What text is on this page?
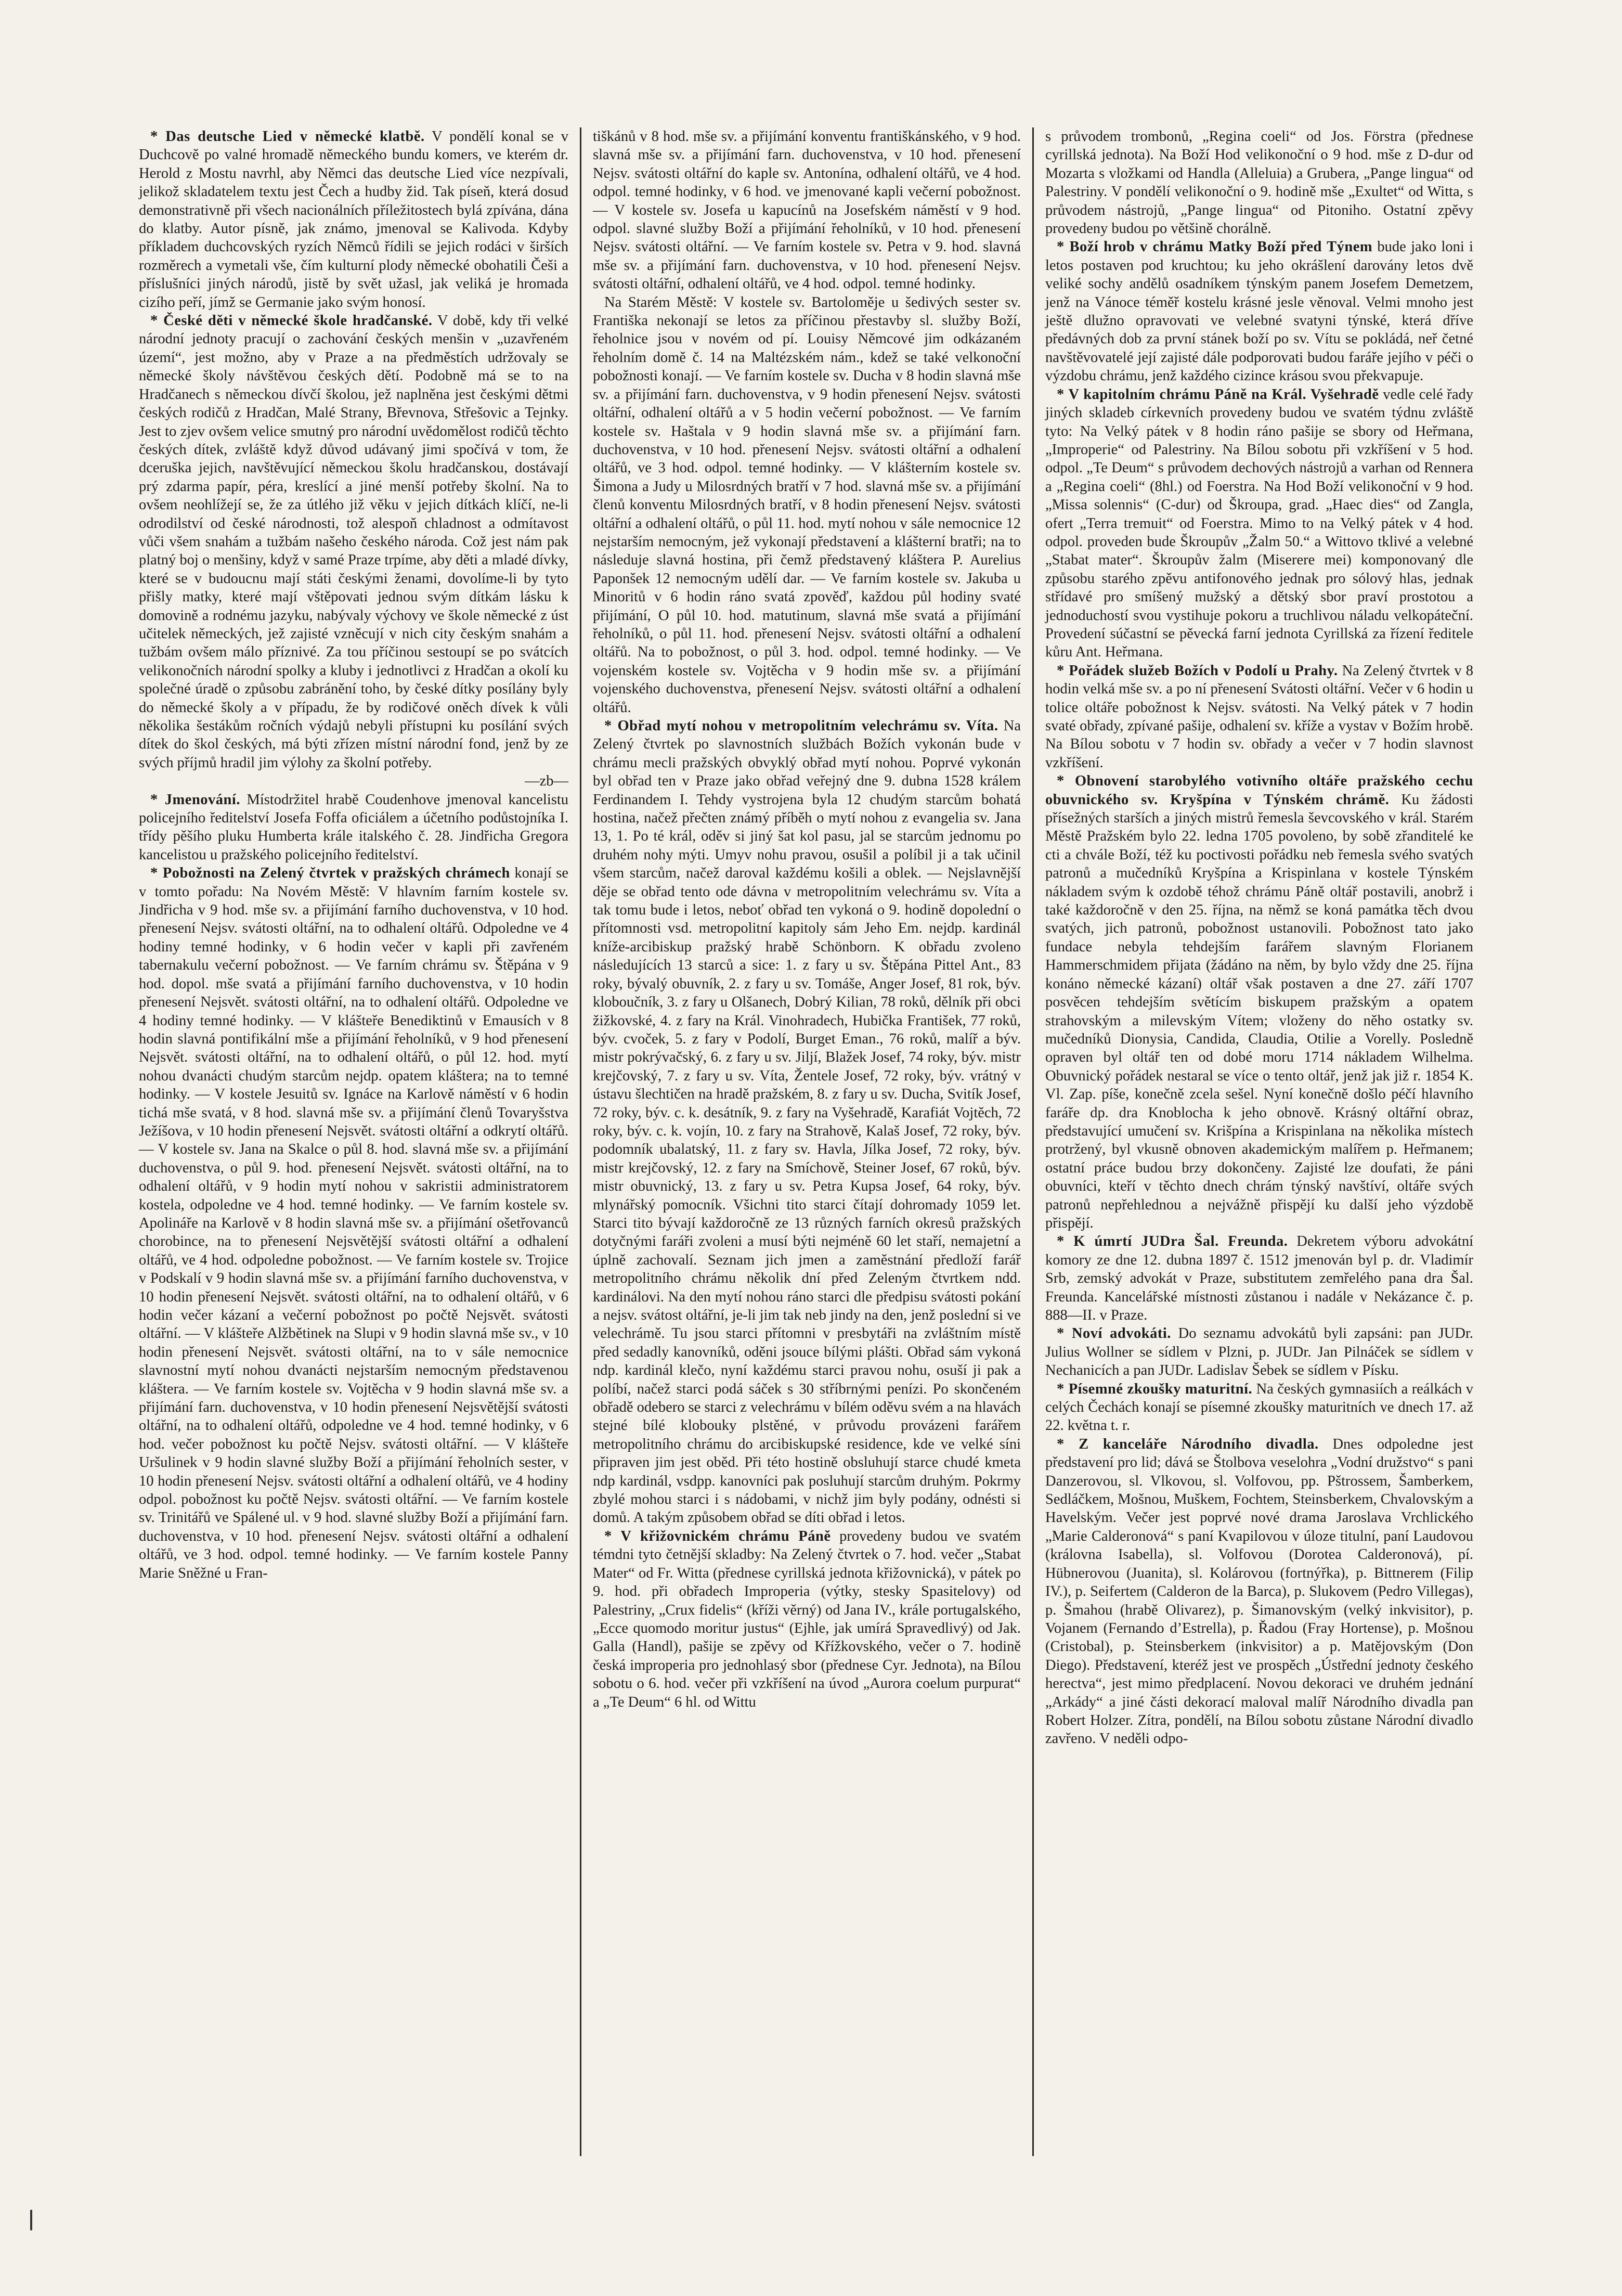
* Das deutsche Lied v německé klatbě. V pondělí konal se v Duchcově po valné hromadě německého bundu komers, ve kterém dr. Herold z Mostu navrhl, aby Němci das deutsche Lied více nezpívali, jelikož skladatelem textu jest Čech a hudby žid. Tak píseň, která dosud demonstrativně při všech nacionálních příležitostech bylá zpívána, dána do klatby. Autor písně, jak známo, jmenoval se Kalivoda. Kdyby příkladem duchcovských ryzích Němců řídili se jejich rodáci v širších rozměrech a vymetali vše, čím kulturní plody německé obohatili Češi a příslušníci jiných národů, jistě by svět užasl, jak veliká je hromada cizího peří, jímž se Germanie jako svým honosí.

* České děti v německé škole hradčanské. V době, kdy tři velké národní jednoty pracují o zachování českých menšin v „uzavřeném území“, jest možno, aby v Praze a na předměstích udržovaly se německé školy návštěvou českých dětí. Podobně má se to na Hradčanech s německou dívčí školou, jež naplněna jest českými dětmi českých rodičů z Hradčan, Malé Strany, Břevnova, Střešovic a Tejnky. Jest to zjev ovšem velice smutný pro národní uvědomělost rodičů těchto českých dítek, zvláště když důvod udávaný jimi spočívá v tom, že dceruška jejich, navštěvující německou školu hradčanskou, dostávají prý zdarma papír, péra, kreslící a jiné menší potřeby školní. Na to ovšem neohlížejí se, že za útlého již věku v jejich dítkách klíčí, ne-li odrodilství od české národnosti, tož alespoň chladnost a odmítavost vůči všem snahám a tužbám našeho českého národa. Což jest nám pak platný boj o menšiny, když v samé Praze trpíme, aby děti a mladé dívky, které se v budoucnu mají státi českými ženami, dovolíme-li by tyto přišly matky, které mají vštěpovati jednou svým dítkám lásku k domovině a rodnému jazyku, nabývaly výchovy ve škole německé z úst učitelek německých, jež zajisté vzněcují v nich city českým snahám a tužbám ovšem málo příznivé. Za tou příčinou sestoupí se po svátcích velikonočních národní spolky a kluby i jednotlivci z Hradčan a okolí ku společné úradě o způsobu zabránění toho, by české dítky posílány byly do německé školy a v případu, že by rodičové oněch dívek k vůli několika šestákům ročních výdajů nebyli přístupni ku posílání svých dítek do škol českých, má býti zřízen místní národní fond, jenž by ze svých příjmů hradil jim výlohy za školní potřeby.

—zb—

* Jmenování. Místodržitel hrabě Coudenhove jmenoval kancelistu policejního ředitelství Josefa Foffa oficiálem a účetního podůstojníka I. třídy pěšího pluku Humberta krále italského č. 28. Jindřicha Gregora kancelistou u pražského policejního ředitelství.

* Pobožnosti na Zelený čtvrtek v pražských chrámech konají se v tomto pořadu: Na Novém Městě: V hlavním farním kostele sv. Jindřicha v 9 hod. mše sv. a přijímání farního duchovenstva, v 10 hod. přenesení Nejsv. svátosti oltářní, na to odhalení oltářů. Odpoledne ve 4 hodiny temné hodinky, v 6 hodin večer v kapli při zavřeném tabernakulu večerní pobožnost. — Ve farním chrámu sv. Štěpána v 9 hod. dopol. mše svatá a přijímání farního duchovenstva, v 10 hodin přenesení Nejsvět. svátosti oltářní, na to odhalení oltářů. Odpoledne ve 4 hodiny temné hodinky. — V klášteře Benediktinů v Emausích v 8 hodin slavná pontifikální mše a přijímání řeholníků, v 9 hod přenesení Nejsvět. svátosti oltářní, na to odhalení oltářů, o půl 12. hod. mytí nohou dvanácti chudým starcům nejdp. opatem kláštera; na to temné hodinky. — V kostele Jesuitů sv. Ignáce na Karlově náměstí v 6 hodin tichá mše svatá, v 8 hod. slavná mše sv. a přijímání členů Tovaryšstva Ježíšova, v 10 hodin přenesení Nejsvět. svátosti oltářní a odkrytí oltářů. — V kostele sv. Jana na Skalce o půl 8. hod. slavná mše sv. a přijímání duchovenstva, o půl 9. hod. přenesení Nejsvět. svátosti oltářní, na to odhalení oltářů, v 9 hodin mytí nohou v sakristii administratorem kostela, odpoledne ve 4 hod. temné hodinky. — Ve farním kostele sv. Apolináře na Karlově v 8 hodin slavná mše sv. a přijímání ošetřovanců chorobince, na to přenesení Nejsvětější svátosti oltářní a odhalení oltářů, ve 4 hod. odpoledne pobožnost. — Ve farním kostele sv. Trojice v Podskalí v 9 hodin slavná mše sv. a přijímání farního duchovenstva, v 10 hodin přenesení Nejsvět. svátosti oltářní, na to odhalení oltářů, v 6 hodin večer kázaní a večerní pobožnost po počtě Nejsvět. svátosti oltářní. — V klášteře Alžbětinek na Slupi v 9 hodin slavná mše sv., v 10 hodin přenesení Nejsvět. svátosti oltářní, na to v sále nemocnice slavnostní mytí nohou dvanácti nejstarším nemocným představenou kláštera. — Ve farním kostele sv. Vojtěcha v 9 hodin slavná mše sv. a přijímání farn. duchovenstva, v 10 hodin přenesení Nejsvětější svátosti oltářní, na to odhalení oltářů, odpoledne ve 4 hod. temné hodinky, v 6 hod. večer pobožnost ku počtě Nejsv. svátosti oltářní. — V klášteře Uršulinek v 9 hodin slavné služby Boží a přijímání řeholních sester, v 10 hodin přenesení Nejsv. svátosti oltářní a odhalení oltářů, ve 4 hodiny odpol. pobožnost ku počtě Nejsv. svátosti oltářní. — Ve farním kostele sv. Trinitářů ve Spálené ul. v 9 hod. slavné služby Boží a přijímání farn. duchovenstva, v 10 hod. přenesení Nejsv. svátosti oltářní a odhalení oltářů, ve 3 hod. odpol. temné hodinky. — Ve farním kostele Panny Marie Sněžné u Fran-

tiškánů v 8 hod. mše sv. a přijímání konventu františkánského, v 9 hod. slavná mše sv. a přijímání farn. duchovenstva, v 10 hod. přenesení Nejsv. svátosti oltářní do kaple sv. Antonína, odhalení oltářů, ve 4 hod. odpol. temné hodinky, v 6 hod. ve jmenované kapli večerní pobožnost. — V kostele sv. Josefa u kapucínů na Josefském náměstí v 9 hod. odpol. slavné služby Boží a přijímání řeholníků, v 10 hod. přenesení Nejsv. svátosti oltářní. — Ve farním kostele sv. Petra v 9. hod. slavná mše sv. a přijímání farn. duchovenstva, v 10 hod. přenesení Nejsv. svátosti oltářní, odhalení oltářů, ve 4 hod. odpol. temné hodinky.

Na Starém Městě: V kostele sv. Bartoloměje u šedivých sester sv. Františka nekonají se letos za příčinou přestavby sl. služby Boží, řeholnice jsou v novém od pí. Louisy Němcové jim odkázaném řeholním domě č. 14 na Maltézském nám., kdež se také velkonoční pobožnosti konají. — Ve farním kostele sv. Ducha v 8 hodin slavná mše sv. a přijímání farn. duchovenstva, v 9 hodin přenesení Nejsv. svátosti oltářní, odhalení oltářů a v 5 hodin večerní pobožnost. — Ve farním kostele sv. Haštala v 9 hodin slavná mše sv. a přijímání farn. duchovenstva, v 10 hod. přenesení Nejsv. svátosti oltářní a odhalení oltářů, ve 3 hod. odpol. temné hodinky. — V klášterním kostele sv. Šimona a Judy u Milosrdných bratří v 7 hod. slavná mše sv. a přijímání členů konventu Milosrdných bratří, v 8 hodin přenesení Nejsv. svátosti oltářní a odhalení oltářů, o půl 11. hod. mytí nohou v sále nemocnice 12 nejstarším nemocným, jež vykonají představení a klášterní bratři; na to následuje slavná hostina, při čemž představený kláštera P. Aurelius Paponšek 12 nemocným udělí dar. — Ve farním kostele sv. Jakuba u Minoritů v 6 hodin ráno svatá zpověď, každou půl hodiny svaté přijímání, O půl 10. hod. matutinum, slavná mše svatá a přijímání řeholníků, o půl 11. hod. přenesení Nejsv. svátosti oltářní a odhalení oltářů. Na to pobožnost, o půl 3. hod. odpol. temné hodinky. — Ve vojenském kostele sv. Vojtěcha v 9 hodin mše sv. a přijímání vojenského duchovenstva, přenesení Nejsv. svátosti oltářní a odhalení oltářů.

* Obřad mytí nohou v metropolitním velechrámu sv. Víta. Na Zelený čtvrtek po slavnostních službách Božích vykonán bude v chrámu mecli pražských obvyklý obřad mytí nohou. Poprvé vykonán byl obřad ten v Praze jako obřad veřejný dne 9. dubna 1528 králem Ferdinandem I. Tehdy vystrojena byla 12 chudým starcům bohatá hostina, načež přečten známý příběh o mytí nohou z evangelia sv. Jana 13, 1. Po té král, oděv si jiný šat kol pasu, jal se starcům jednomu po druhém nohy mýti. Umyv nohu pravou, osušil a políbil ji a tak učinil všem starcům, načež daroval každému košili a oblek. — Nejslavnější děje se obřad tento ode dávna v metropolitním velechrámu sv. Víta a tak tomu bude i letos, neboť obřad ten vykoná o 9. hodině dopolední o přítomnosti vsd. metropolitní kapitoly sám Jeho Em. nejdp. kardinál kníže-arcibiskup pražský hrabě Schönborn. K obřadu zvoleno následujících 13 starců a sice: 1. z fary u sv. Štěpána Pittel Ant., 83 roky, bývalý obuvník, 2. z fary u sv. Tomáše, Anger Josef, 81 rok, býv. kloboučník, 3. z fary u Olšanech, Dobrý Kilian, 78 roků, dělník při obci žižkovské, 4. z fary na Král. Vinohradech, Hubička František, 77 roků, býv. cvoček, 5. z fary v Podolí, Burget Eman., 76 roků, malíř a býv. mistr pokrývačský, 6. z fary u sv. Jiljí, Blažek Josef, 74 roky, býv. mistr krejčovský, 7. z fary u sv. Víta, Žentele Josef, 72 roky, býv. vrátný v ústavu šlechtičen na hradě pražském, 8. z fary u sv. Ducha, Svitík Josef, 72 roky, býv. c. k. desátník, 9. z fary na Vyšehradě, Karafiát Vojtěch, 72 roky, býv. c. k. vojín, 10. z fary na Strahově, Kalaš Josef, 72 roky, býv. podomník ubalatský, 11. z fary sv. Havla, Jílka Josef, 72 roky, býv. mistr krejčovský, 12. z fary na Smíchově, Steiner Josef, 67 roků, býv. mistr obuvnický, 13. z fary u sv. Petra Kupsa Josef, 64 roky, býv. mlynářský pomocník. Všichni tito starci čítají dohromady 1059 let. Starci tito bývají každoročně ze 13 různých farních okresů pražských dotyčnými faráři zvoleni a musí býti nejméně 60 let staří, nemajetní a úplně zachovalí. Seznam jich jmen a zaměstnání předloží farář metropolitního chrámu několik dní před Zeleným čtvrtkem ndd. kardinálovi. Na den mytí nohou ráno starci dle předpisu svátosti pokání a nejsv. svátost oltářní, je-li jim tak neb jindy na den, jenž poslední si ve velechrámě. Tu jsou starci přítomni v presbytáři na zvláštním místě před sedadly kanovníků, oděni jsouce bílými plášti. Obřad sám vykoná ndp. kardinál klečo, nyní každému starci pravou nohu, osuší ji pak a políbí, načež starci podá sáček s 30 stříbrnými penízi. Po skončeném obřadě odebero se starci z velechrámu v bílém oděvu svém a na hlavách stejné bílé klobouky plstěné, v průvodu provázeni farářem metropolitního chrámu do arcibiskupské residence, kde ve velké síni připraven jim jest oběd. Při této hostině obsluhují starce chudé kmeta ndp kardinál, vsdpp. kanovníci pak posluhují starcům druhým. Pokrmy zbylé mohou starci i s nádobami, v nichž jim byly podány, odnésti si domů. A takým způsobem obřad se díti obřad i letos.

* V křižovnickém chrámu Páně provedeny budou ve svatém témdni tyto četnější skladby: Na Zelený čtvrtek o 7. hod. večer „Stabat Mater“ od Fr. Witta (přednese cyrillská jednota křižovnická), v pátek po 9. hod. při obřadech Improperia (výtky, stesky Spasitelovy) od Palestriny, „Crux fidelis“ (kříži věrný) od Jana IV., krále portugalského, „Ecce quomodo moritur justus“ (Ejhle, jak umírá Spravedlivý) od Jak. Galla (Handl), pašije se zpěvy od Křížkovského, večer o 7. hodině česká improperia pro jednohlasý sbor (přednese Cyr. Jednota), na Bílou sobotu o 6. hod. večer při vzkříšení na úvod „Aurora coelum purpurat“ a „Te Deum“ 6 hl. od Wittu

s průvodem trombonů, „Regina coeli“ od Jos. Förstra (přednese cyrillská jednota). Na Boží Hod velikonoční o 9 hod. mše z D-dur od Mozarta s vložkami od Handla (Alleluia) a Grubera, „Pange lingua“ od Palestriny. V pondělí velikonoční o 9. hodině mše „Exultet“ od Witta, s průvodem nástrojů, „Pange lingua“ od Pitoniho. Ostatní zpěvy provedeny budou po většině chorálně.

* Boží hrob v chrámu Matky Boží před Týnem bude jako loni i letos postaven pod kruchtou; ku jeho okrášlení darovány letos dvě veliké sochy andělů osadníkem týnským panem Josefem Demetzem, jenž na Vánoce téměř kostelu krásné jesle věnoval. Velmi mnoho jest ještě dlužno opravovati ve velebné svatyni týnské, která dříve předávných dob za první stánek boží po sv. Vítu se pokládá, neř četné navštěvovatelé její zajisté dále podporovati budou faráře jejího v péči o výzdobu chrámu, jenž každého cizince krásou svou překvapuje.

* V kapitolním chrámu Páně na Král. Vyšehradě vedle celé řady jiných skladeb církevních provedeny budou ve svatém týdnu zvláště tyto: Na Velký pátek v 8 hodin ráno pašije se sbory od Heřmana, „Improperie“ od Palestriny. Na Bílou sobotu při vzkříšení v 5 hod. odpol. „Te Deum“ s průvodem dechových nástrojů a varhan od Rennera a „Regina coeli“ (8hl.) od Foerstra. Na Hod Boží velikonoční v 9 hod. „Missa solennis“ (C-dur) od Škroupa, grad. „Haec dies“ od Zangla, ofert „Terra tremuit“ od Foerstra. Mimo to na Velký pátek v 4 hod. odpol. proveden bude Škroupův „Žalm 50.“ a Wittovo tklivé a velebné „Stabat mater“. Škroupův žalm (Miserere mei) komponovaný dle způsobu starého zpěvu antifonového jednak pro sólový hlas, jednak střídavé pro smíšený mužský a dětský sbor praví prostotou a jednoduchostí svou vystihuje pokoru a truchlivou náladu velkopáteční. Provedení súčastní se pěvecká farní jednota Cyrillská za řízení ředitele kůru Ant. Heřmana.

* Pořádek služeb Božích v Podolí u Prahy. Na Zelený čtvrtek v 8 hodin velká mše sv. a po ní přenesení Svátosti oltářní. Večer v 6 hodin u tolice oltáře pobožnost k Nejsv. svátosti. Na Velký pátek v 7 hodin svaté obřady, zpívané pašije, odhalení sv. kříže a vystav v Božím hrobě. Na Bílou sobotu v 7 hodin sv. obřady a večer v 7 hodin slavnost vzkříšení.

* Obnovení starobylého votivního oltáře pražského cechu obuvnického sv. Kryšpína v Týnském chrámě. Ku žádosti přísežných starších a jiných mistrů řemesla ševcovského v král. Starém Městě Pražském bylo 22. ledna 1705 povoleno, by sobě zřanditelé ke cti a chvále Boží, též ku poctivosti pořádku neb řemesla svého svatých patronů a mučedníků Kryšpína a Krispinlana v kostele Týnském nákladem svým k ozdobě téhož chrámu Páně oltář postavili, anobrž i také každoročně v den 25. října, na němž se koná památka těch dvou svatých, jich patronů, pobožnost ustanovili. Pobožnost tato jako fundace nebyla tehdejším farářem slavným Florianem Hammerschmidem přijata (žádáno na něm, by bylo vždy dne 25. října konáno německé kázaní) oltář však postaven a dne 27. září 1707 posvěcen tehdejším světícím biskupem pražským a opatem strahovským a milevským Vítem; vloženy do něho ostatky sv. mučedníků Dionysia, Candida, Claudia, Otilie a Vorelly. Posledně opraven byl oltář ten od dobé moru 1714 nákladem Wilhelma. Obuvnický pořádek nestaral se více o tento oltář, jenž jak již r. 1854 K. Vl. Zap. píše, konečně zcela sešel. Nyní konečně došlo péčí hlavního faráře dp. dra Knoblocha k jeho obnově. Krásný oltářní obraz, představující umučení sv. Krišpína a Krispinlana na několika místech protržený, byl vkusně obnoven akademickým malířem p. Heřmanem; ostatní práce budou brzy dokončeny. Zajisté lze doufati, že páni obuvníci, kteří v těchto dnech chrám týnský navštíví, oltáře svých patronů nepřehlednou a nejvážně přispějí ku další jeho výzdobě přispějí.

* K úmrtí JUDra Šal. Freunda. Dekretem výboru advokátní komory ze dne 12. dubna 1897 č. 1512 jmenován byl p. dr. Vladimír Srb, zemský advokát v Praze, substitutem zemřelého pana dra Šal. Freunda. Kancelářské místnosti zůstanou i nadále v Nekázance č. p. 888—II. v Praze.

* Noví advokáti. Do seznamu advokátů byli zapsáni: pan JUDr. Julius Wollner se sídlem v Plzni, p. JUDr. Jan Pilnáček se sídlem v Nechanicích a pan JUDr. Ladislav Šebek se sídlem v Písku.

* Písemné zkoušky maturitní. Na českých gymnasiích a reálkách v celých Čechách konají se písemné zkoušky maturitních ve dnech 17. až 22. května t. r.

* Z kanceláře Národního divadla. Dnes odpoledne jest představení pro lid; dává se Štolbova veselohra „Vodní družstvo“ s pani Danzerovou, sl. Vlkovou, sl. Volfovou, pp. Pštrossem, Šamberkem, Sedláčkem, Mošnou, Muškem, Fochtem, Steinsberkem, Chvalovským a Havelským. Večer jest poprvé nové drama Jaroslava Vrchlického „Marie Calderonová“ s paní Kvapilovou v úloze titulní, paní Laudovou (královna Isabella), sl. Volfovou (Dorotea Calderonová), pí. Hübnerovou (Juanita), sl. Kolárovou (fortnýřka), p. Bittnerem (Filip IV.), p. Seifertem (Calderon de la Barca), p. Slukovem (Pedro Villegas), p. Šmahou (hrabě Olivarez), p. Šimanovským (velký inkvisitor), p. Vojanem (Fernando d’Estrella), p. Řadou (Fray Hortense), p. Mošnou (Cristobal), p. Steinsberkem (inkvisitor) a p. Matějovským (Don Diego). Představení, kteréž jest ve prospěch „Ústřední jednoty českého herectva“, jest mimo předplacení. Novou dekoraci ve druhém jednání „Arkády“ a jiné části dekorací maloval malíř Národního divadla pan Robert Holzer. Zítra, pondělí, na Bílou sobotu zůstane Národní divadlo zavřeno. V neděli odpo-
